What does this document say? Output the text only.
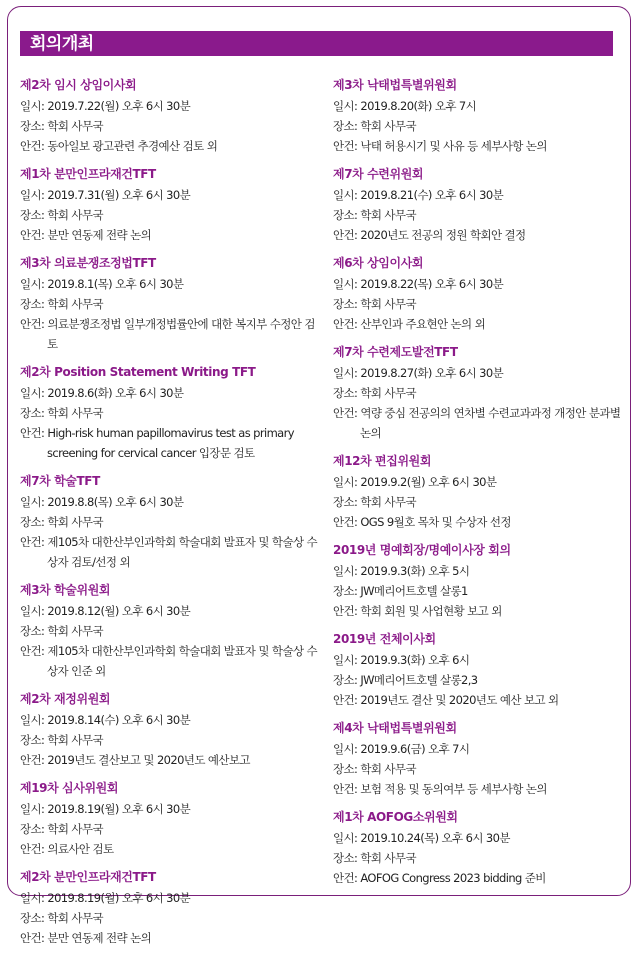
회의개최
제2차 임시 상임이사회
일시: 2019.7.22(월) 오후 6시 30분
장소: 학회 사무국
안건: 동아일보 광고관련 추경예산 검토 외
제1차 분만인프라재건TFT
일시: 2019.7.31(월) 오후 6시 30분
장소: 학회 사무국
안건: 분만 연동제 전략 논의
제3차 의료분쟁조정법TFT
일시: 2019.8.1(목) 오후 6시 30분
장소: 학회 사무국
안건: 의료분쟁조정법 일부개정법률안에 대한 복지부 수정안 검토
제2차 Position Statement Writing TFT
일시: 2019.8.6(화) 오후 6시 30분
장소: 학회 사무국
안건: High-risk human papillomavirus test as primary screening for cervical cancer 입장문 검토
제7차 학술TFT
일시: 2019.8.8(목) 오후 6시 30분
장소: 학회 사무국
안건: 제105차 대한산부인과학회 학술대회 발표자 및 학술상 수상자 검토/선정 외
제3차 학술위원회
일시: 2019.8.12(월) 오후 6시 30분
장소: 학회 사무국
안건: 제105차 대한산부인과학회 학술대회 발표자 및 학술상 수상자 인준 외
제2차 재정위원회
일시: 2019.8.14(수) 오후 6시 30분
장소: 학회 사무국
안건: 2019년도 결산보고 및 2020년도 예산보고
제19차 심사위원회
일시: 2019.8.19(월) 오후 6시 30분
장소: 학회 사무국
안건: 의료사안 검토
제2차 분만인프라재건TFT
일시: 2019.8.19(월) 오후 6시 30분
장소: 학회 사무국
안건: 분만 연동제 전략 논의
제3차 낙태법특별위원회
일시: 2019.8.20(화) 오후 7시
장소: 학회 사무국
안건: 낙태 허용시기 및 사유 등 세부사항 논의
제7차 수련위원회
일시: 2019.8.21(수) 오후 6시 30분
장소: 학회 사무국
안건: 2020년도 전공의 정원 학회안 결정
제6차 상임이사회
일시: 2019.8.22(목) 오후 6시 30분
장소: 학회 사무국
안건: 산부인과 주요현안 논의 외
제7차 수련제도발전TFT
일시: 2019.8.27(화) 오후 6시 30분
장소: 학회 사무국
안건: 역량 중심 전공의의 연차별 수련교과과정 개정안 분과별 논의
제12차 편집위원회
일시: 2019.9.2(월) 오후 6시 30분
장소: 학회 사무국
안건: OGS 9월호 목차 및 수상자 선정
2019년 명예회장/명예이사장 회의
일시: 2019.9.3(화) 오후 5시
장소: JW메리어트호텔 살롱1
안건: 학회 회원 및 사업현황 보고 외
2019년 전체이사회
일시: 2019.9.3(화) 오후 6시
장소: JW메리어트호텔 살롱2,3
안건: 2019년도 결산 및 2020년도 예산 보고 외
제4차 낙태법특별위원회
일시: 2019.9.6(금) 오후 7시
장소: 학회 사무국
안건: 보험 적용 및 동의여부 등 세부사항 논의
제1차 AOFOG소위원회
일시: 2019.10.24(목) 오후 6시 30분
장소: 학회 사무국
안건: AOFOG Congress 2023 bidding 준비
